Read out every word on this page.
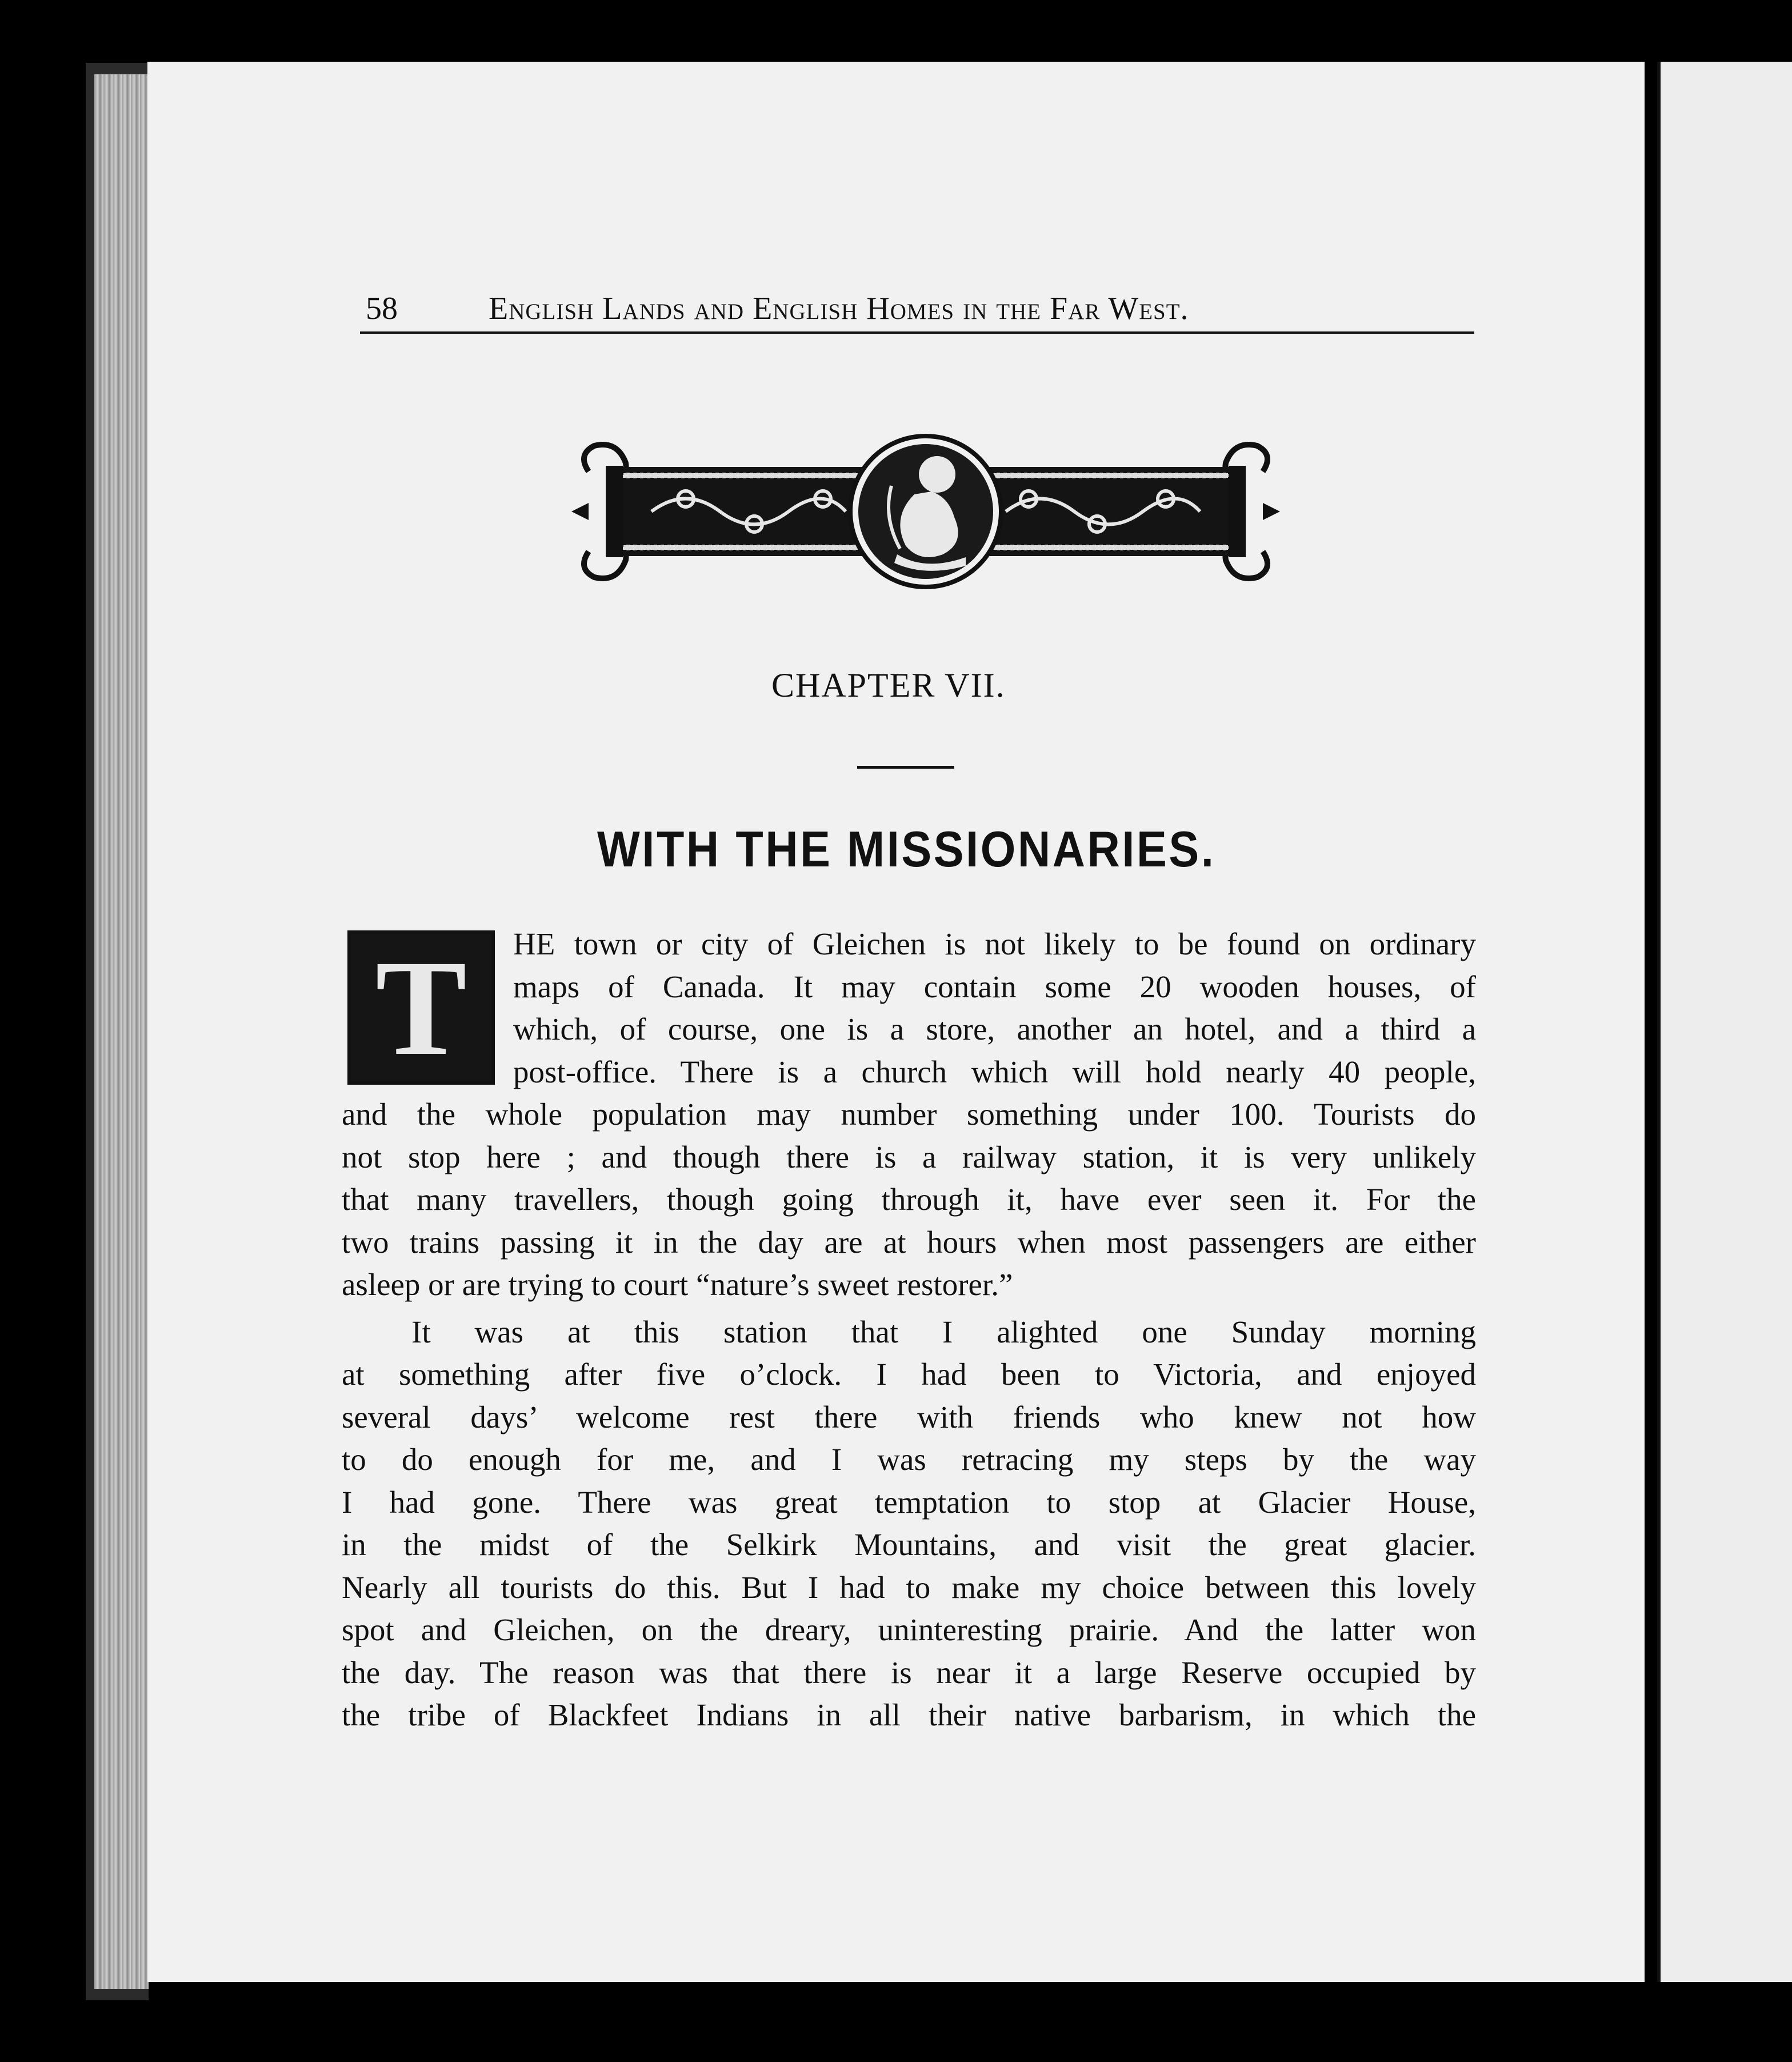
58	English Lands and English Homes in the Far West.
CHAPTER VII.
WITH THE MISSIONARIES.
T	HE town or city of Gleichen is not likely to be found on ordinary
maps of Canada. It may contain some 20 wooden houses, of
which, of course, one is a store, another an hotel, and a third a
post-office. There is a church which will hold nearly 40 people,
and the whole population may number something under 100. Tourists do
not stop here ; and though there is a railway station, it is very unlikely
that many travellers, though going through it, have ever seen it. For the
two trains passing it in the day are at hours when most passengers are either
asleep or are trying to court “nature’s sweet restorer.”
It was at this station that I alighted one Sunday morning
at something after five o’clock. I had been to Victoria, and enjoyed
several days’ welcome rest there with friends who knew not how
to do enough for me, and I was retracing my steps by the way
I had gone. There was great temptation to stop at Glacier House,
in the midst of the Selkirk Mountains, and visit the great glacier.
Nearly all tourists do this. But I had to make my choice between this lovely
spot and Gleichen, on the dreary, uninteresting prairie. And the latter won
the day. The reason was that there is near it a large Reserve occupied by
the tribe of Blackfeet Indians in all their native barbarism, in which the
